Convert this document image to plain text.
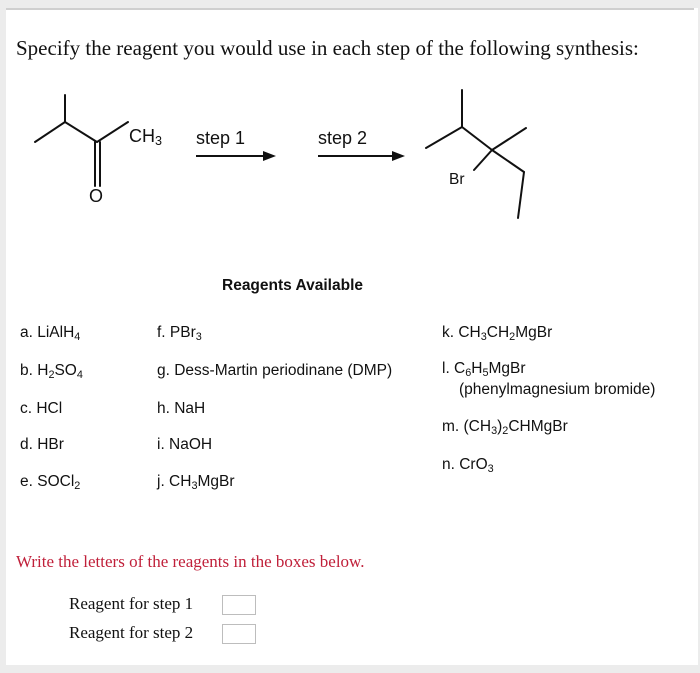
Specify the reagent you would use in each step of the following synthesis:
$CH_3$
O
step 1	step 2
Br
Reagents Available
a. LiAlH$_4$
b. $H_2SO_4$
c. HCl
d. HBr
e. SOCl$_2$
f. PBr$_3$
g. Dess-Martin periodinane (DMP)
h. NaH
i. NaOH
j. $CH_3MgBr$
k. $CH_3CH_2MgBr$
l. $C_6H_5MgBr$
(phenylmagnesium bromide)
m. $(CH_3)_2CHMgBr$
n. CrO$_3$
Write the letters of the reagents in the boxes below.
Reagent for step 1
Reagent for step 2
